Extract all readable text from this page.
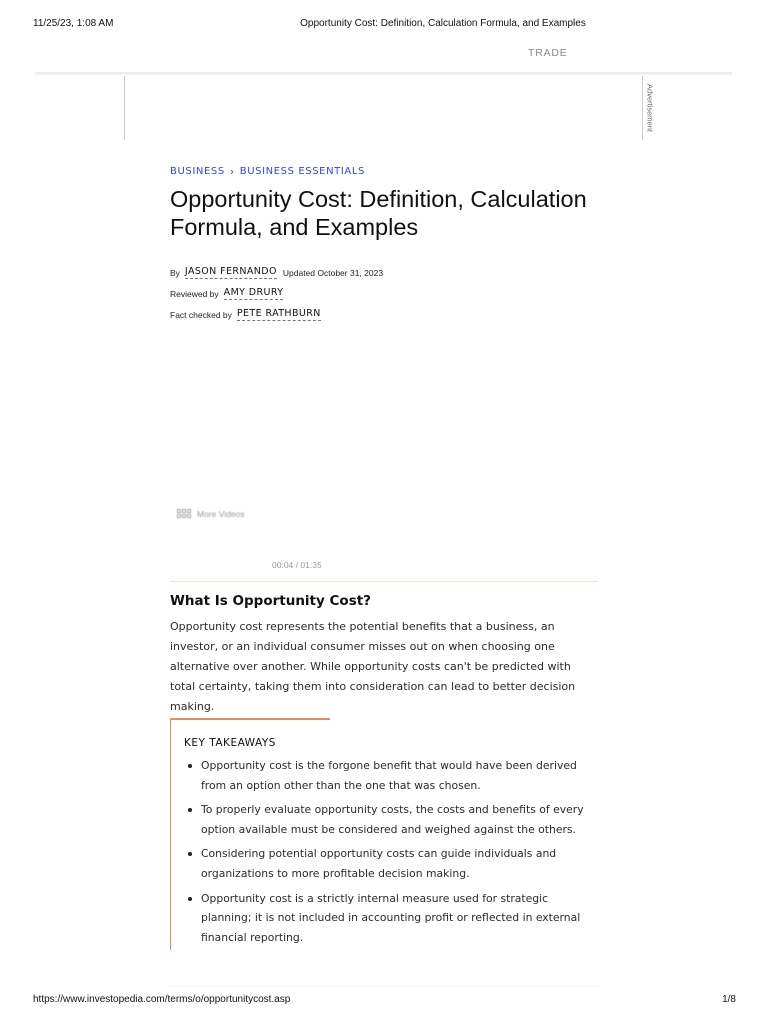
11/25/23, 1:08 AM	Opportunity Cost: Definition, Calculation Formula, and Examples
TRADE
Advertisement
BUSINESS › BUSINESS ESSENTIALS
Opportunity Cost: Definition, Calculation
Formula, and Examples
By JASON FERNANDO Updated October 31, 2023
Reviewed by AMY DRURY
Fact checked by PETE RATHBURN
More Videos
00:04 / 01:35
What Is Opportunity Cost?

Opportunity cost represents the potential benefits that a business, an investor, or an individual consumer misses out on when choosing one alternative over another. While opportunity costs can't be predicted with total certainty, taking them into consideration can lead to better decision making.

KEY TAKEAWAYS
Opportunity cost is the forgone benefit that would have been derived from an option other than the one that was chosen.
To properly evaluate opportunity costs, the costs and benefits of every option available must be considered and weighed against the others.
Considering potential opportunity costs can guide individuals and organizations to more profitable decision making.
Opportunity cost is a strictly internal measure used for strategic planning; it is not included in accounting profit or reflected in external financial reporting.
https://www.investopedia.com/terms/o/opportunitycost.asp	1/8
